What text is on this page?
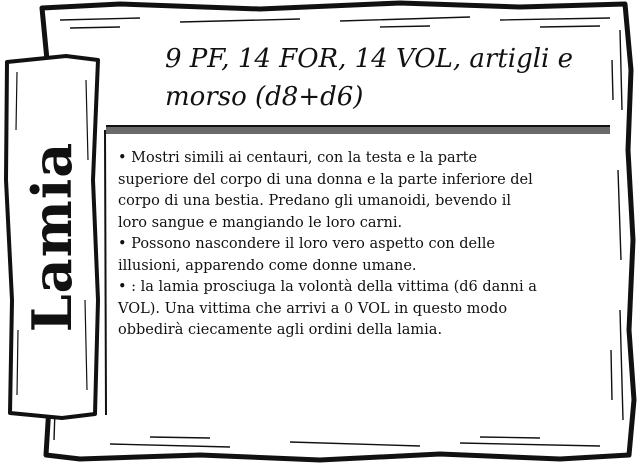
Lamia
9 PF, 14 FOR, 14 VOL, artigli e morso (d8+d6)

• Mostri simili ai centauri, con la testa e la parte superiore del corpo di una donna e la parte inferiore del corpo di una bestia. Predano gli umanoidi, bevendo il loro sangue e mangiando le loro carni.

• Possono nascondere il loro vero aspetto con delle illusioni, apparendo come donne umane.

• : la lamia prosciuga la volontà della vittima (d6 danni a VOL). Una vittima che arrivi a 0 VOL in questo modo obbedirà ciecamente agli ordini della lamia.
